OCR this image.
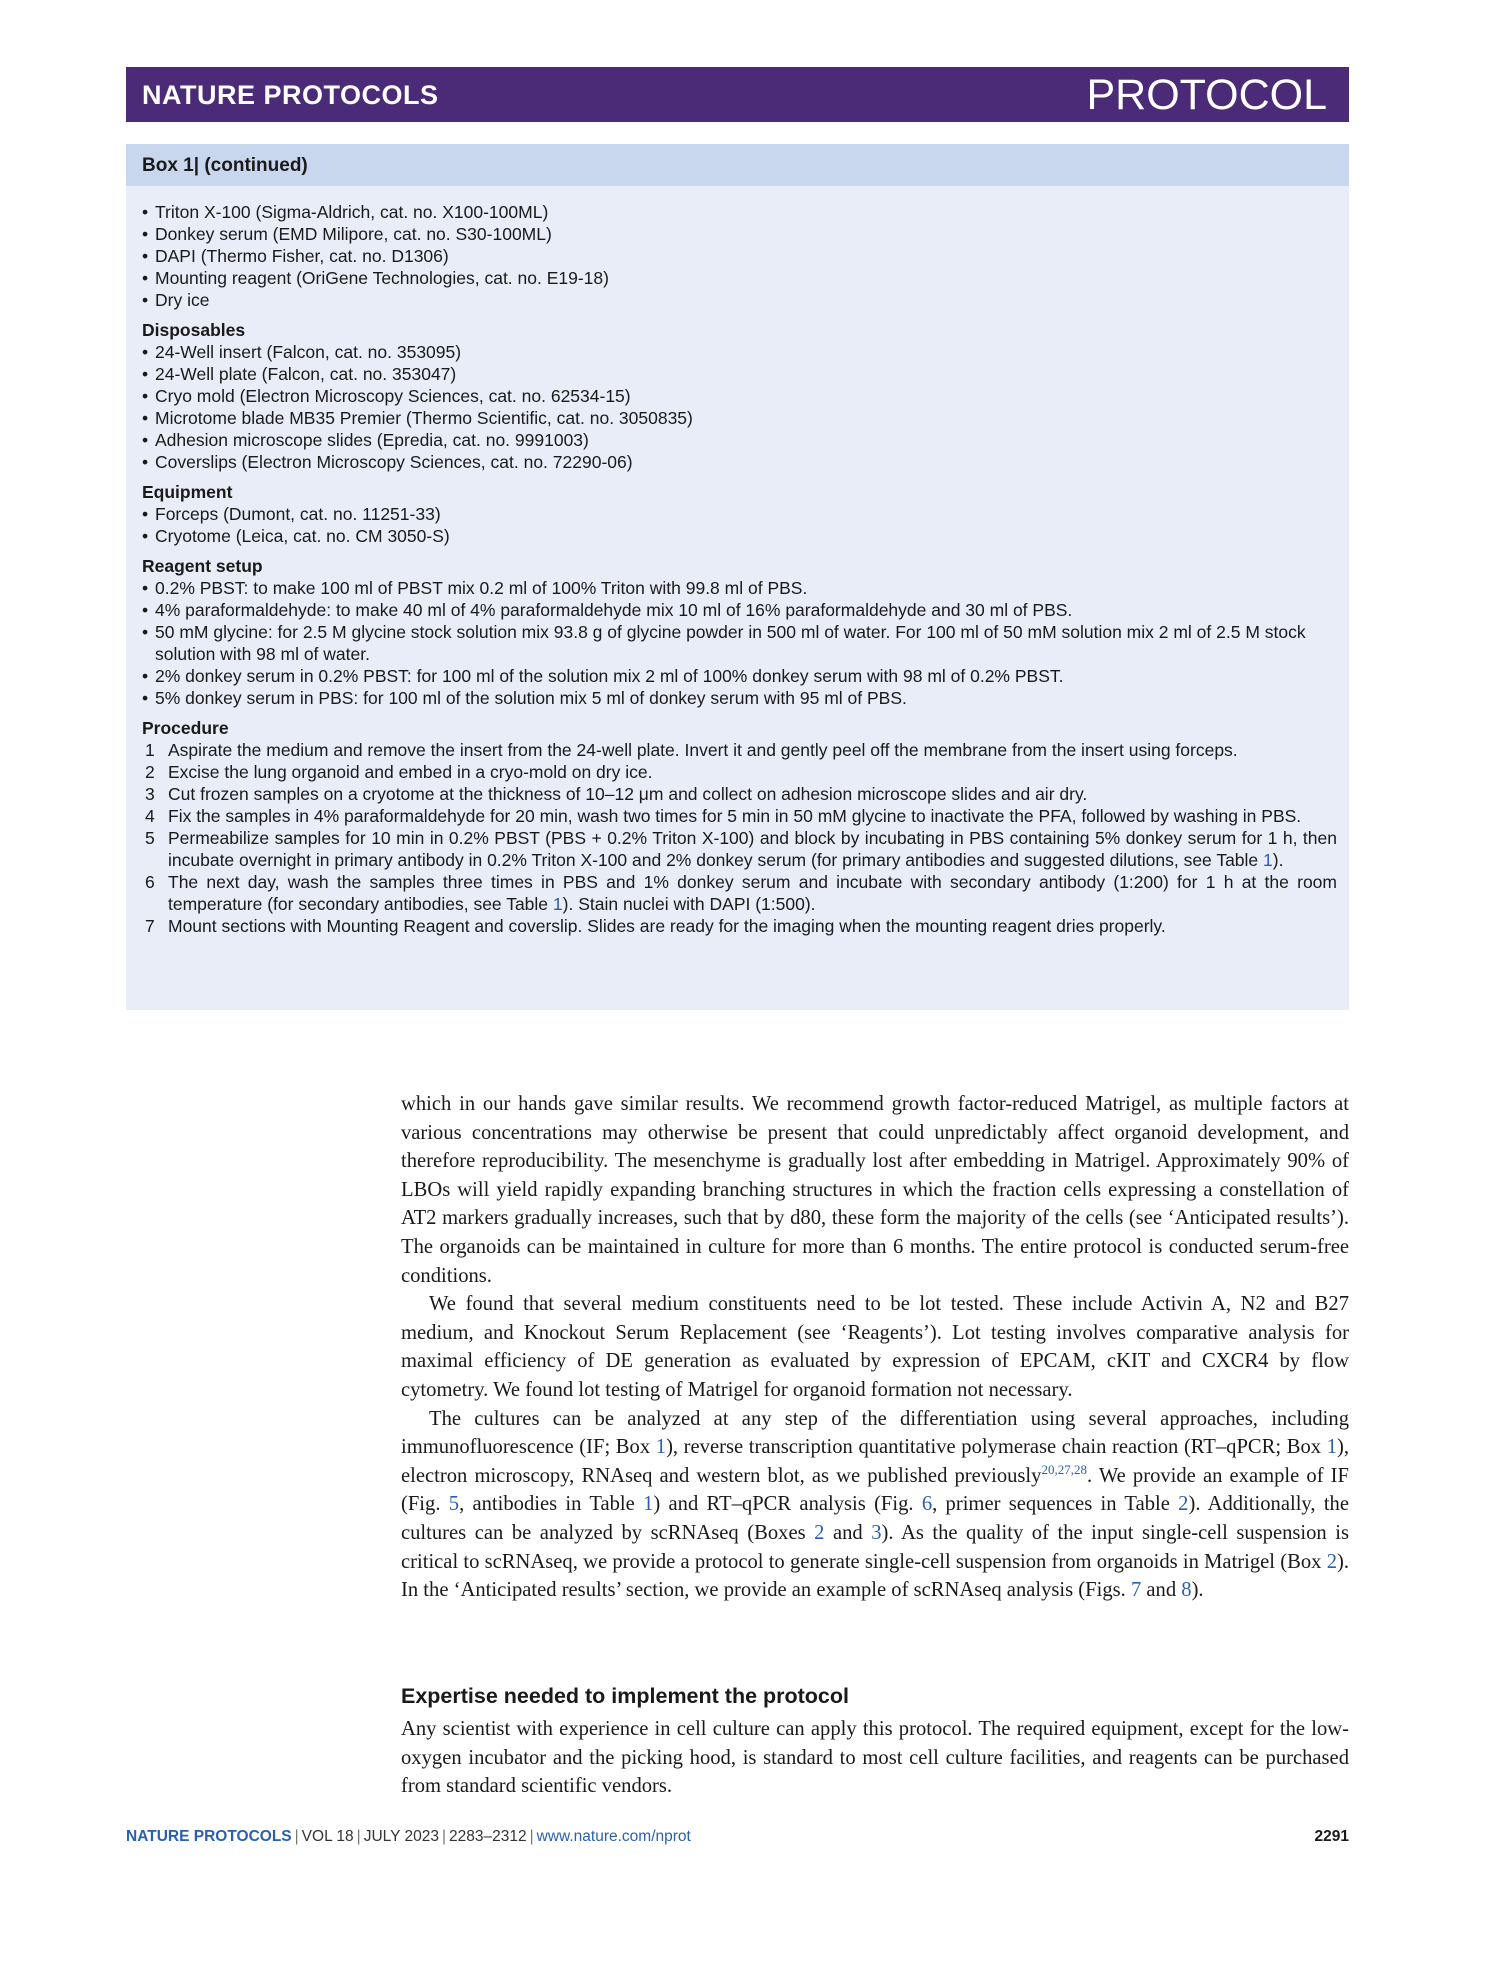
NATURE PROTOCOLS	PROTOCOL
Box 1| (continued)
• Triton X-100 (Sigma-Aldrich, cat. no. X100-100ML)
• Donkey serum (EMD Milipore, cat. no. S30-100ML)
• DAPI (Thermo Fisher, cat. no. D1306)
• Mounting reagent (OriGene Technologies, cat. no. E19-18)
• Dry ice
Disposables
• 24-Well insert (Falcon, cat. no. 353095)
• 24-Well plate (Falcon, cat. no. 353047)
• Cryo mold (Electron Microscopy Sciences, cat. no. 62534-15)
• Microtome blade MB35 Premier (Thermo Scientific, cat. no. 3050835)
• Adhesion microscope slides (Epredia, cat. no. 9991003)
• Coverslips (Electron Microscopy Sciences, cat. no. 72290-06)
Equipment
• Forceps (Dumont, cat. no. 11251-33)
• Cryotome (Leica, cat. no. CM 3050-S)
Reagent setup
• 0.2% PBST: to make 100 ml of PBST mix 0.2 ml of 100% Triton with 99.8 ml of PBS.
• 4% paraformaldehyde: to make 40 ml of 4% paraformaldehyde mix 10 ml of 16% paraformaldehyde and 30 ml of PBS.
• 50 mM glycine: for 2.5 M glycine stock solution mix 93.8 g of glycine powder in 500 ml of water. For 100 ml of 50 mM solution mix 2 ml of 2.5 M stock solution with 98 ml of water.
• 2% donkey serum in 0.2% PBST: for 100 ml of the solution mix 2 ml of 100% donkey serum with 98 ml of 0.2% PBST.
• 5% donkey serum in PBS: for 100 ml of the solution mix 5 ml of donkey serum with 95 ml of PBS.
Procedure
1 Aspirate the medium and remove the insert from the 24-well plate. Invert it and gently peel off the membrane from the insert using forceps.
2 Excise the lung organoid and embed in a cryo-mold on dry ice.
3 Cut frozen samples on a cryotome at the thickness of 10–12 μm and collect on adhesion microscope slides and air dry.
4 Fix the samples in 4% paraformaldehyde for 20 min, wash two times for 5 min in 50 mM glycine to inactivate the PFA, followed by washing in PBS.
5 Permeabilize samples for 10 min in 0.2% PBST (PBS + 0.2% Triton X-100) and block by incubating in PBS containing 5% donkey serum for 1 h, then incubate overnight in primary antibody in 0.2% Triton X-100 and 2% donkey serum (for primary antibodies and suggested dilutions, see Table 1).
6 The next day, wash the samples three times in PBS and 1% donkey serum and incubate with secondary antibody (1:200) for 1 h at the room temperature (for secondary antibodies, see Table 1). Stain nuclei with DAPI (1:500).
7 Mount sections with Mounting Reagent and coverslip. Slides are ready for the imaging when the mounting reagent dries properly.

which in our hands gave similar results. We recommend growth factor-reduced Matrigel, as multiple factors at various concentrations may otherwise be present that could unpredictably affect organoid development, and therefore reproducibility. The mesenchyme is gradually lost after embedding in Matrigel. Approximately 90% of LBOs will yield rapidly expanding branching structures in which the fraction cells expressing a constellation of AT2 markers gradually increases, such that by d80, these form the majority of the cells (see ‘Anticipated results’). The organoids can be maintained in culture for more than 6 months. The entire protocol is conducted serum-free conditions.

We found that several medium constituents need to be lot tested. These include Activin A, N2 and B27 medium, and Knockout Serum Replacement (see ‘Reagents’). Lot testing involves comparative analysis for maximal efficiency of DE generation as evaluated by expression of EPCAM, cKIT and CXCR4 by flow cytometry. We found lot testing of Matrigel for organoid formation not necessary.

The cultures can be analyzed at any step of the differentiation using several approaches, including immunofluorescence (IF; Box 1), reverse transcription quantitative polymerase chain reaction (RT–qPCR; Box 1), electron microscopy, RNAseq and western blot, as we published previously$^{20,27,28}$. We provide an example of IF (Fig. 5, antibodies in Table 1) and RT–qPCR analysis (Fig. 6, primer sequences in Table 2). Additionally, the cultures can be analyzed by scRNAseq (Boxes 2 and 3). As the quality of the input single-cell suspension is critical to scRNAseq, we provide a protocol to generate single-cell suspension from organoids in Matrigel (Box 2). In the ‘Anticipated results’ section, we provide an example of scRNAseq analysis (Figs. 7 and 8).

Expertise needed to implement the protocol
Any scientist with experience in cell culture can apply this protocol. The required equipment, except for the low-oxygen incubator and the picking hood, is standard to most cell culture facilities, and reagents can be purchased from standard scientific vendors.
NATURE PROTOCOLS | VOL 18 | JULY 2023 | 2283–2312 | www.nature.com/nprot	2291
